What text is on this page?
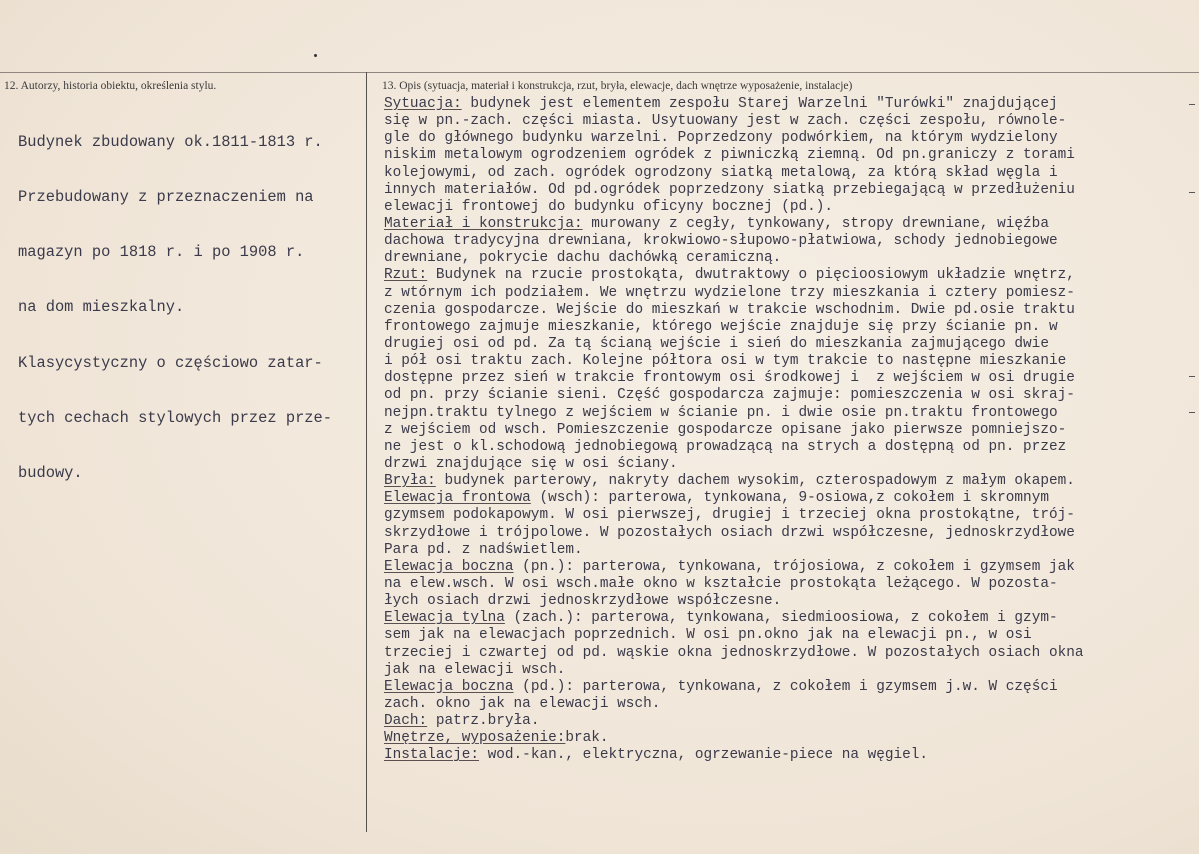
12. Autorzy, historia obiektu, określenia stylu.	13. Opis (sytuacja, materiał i konstrukcja, rzut, bryła, elewacje, dach wnętrze wyposażenie, instalacje)

Budynek zbudowany ok.1811-1813 r.

Przebudowany z przeznaczeniem na

magazyn po 1818 r. i po 1908 r.

na dom mieszkalny.

Klasycystyczny o częściowo zatar-

tych cechach stylowych przez prze-

budowy.

Sytuacja: budynek jest elementem zespołu Starej Warzelni "Turówki" znajdującej
się w pn.-zach. części miasta. Usytuowany jest w zach. części zespołu, równole-
gle do głównego budynku warzelni. Poprzedzony podwórkiem, na którym wydzielony
niskim metalowym ogrodzeniem ogródek z piwniczką ziemną. Od pn.graniczy z torami
kolejowymi, od zach. ogródek ogrodzony siatką metalową, za którą skład węgla i
innych materiałów. Od pd.ogródek poprzedzony siatką przebiegającą w przedłużeniu
elewacji frontowej do budynku oficyny bocznej (pd.).
Materiał i konstrukcja: murowany z cegły, tynkowany, stropy drewniane, więźba
dachowa tradycyjna drewniana, krokwiowo-słupowo-płatwiowa, schody jednobiegowe
drewniane, pokrycie dachu dachówką ceramiczną.
Rzut: Budynek na rzucie prostokąta, dwutraktowy o pięcioosiowym układzie wnętrz,
z wtórnym ich podziałem. We wnętrzu wydzielone trzy mieszkania i cztery pomiesz-
czenia gospodarcze. Wejście do mieszkań w trakcie wschodnim. Dwie pd.osie traktu
frontowego zajmuje mieszkanie, którego wejście znajduje się przy ścianie pn. w
drugiej osi od pd. Za tą ścianą wejście i sień do mieszkania zajmującego dwie
i pół osi traktu zach. Kolejne półtora osi w tym trakcie to następne mieszkanie
dostępne przez sień w trakcie frontowym osi środkowej i  z wejściem w osi drugie
od pn. przy ścianie sieni. Część gospodarcza zajmuje: pomieszczenia w osi skraj-
nejpn.traktu tylnego z wejściem w ścianie pn. i dwie osie pn.traktu frontowego
z wejściem od wsch. Pomieszczenie gospodarcze opisane jako pierwsze pomniejszo-
ne jest o kl.schodową jednobiegową prowadzącą na strych a dostępną od pn. przez
drzwi znajdujące się w osi ściany.
Bryła: budynek parterowy, nakryty dachem wysokim, czterospadowym z małym okapem.
Elewacja frontowa (wsch): parterowa, tynkowana, 9-osiowa,z cokołem i skromnym
gzymsem podokapowym. W osi pierwszej, drugiej i trzeciej okna prostokątne, trój-
skrzydłowe i trójpolowe. W pozostałych osiach drzwi współczesne, jednoskrzydłowe
Para pd. z nadświetlem.
Elewacja boczna (pn.): parterowa, tynkowana, trójosiowa, z cokołem i gzymsem jak
na elew.wsch. W osi wsch.małe okno w kształcie prostokąta leżącego. W pozosta-
łych osiach drzwi jednoskrzydłowe współczesne.
Elewacja tylna (zach.): parterowa, tynkowana, siedmioosiowa, z cokołem i gzym-
sem jak na elewacjach poprzednich. W osi pn.okno jak na elewacji pn., w osi
trzeciej i czwartej od pd. wąskie okna jednoskrzydłowe. W pozostałych osiach okna
jak na elewacji wsch.
Elewacja boczna (pd.): parterowa, tynkowana, z cokołem i gzymsem j.w. W części
zach. okno jak na elewacji wsch.
Dach: patrz.bryła.
Wnętrze, wyposażenie:brak.
Instalacje: wod.-kan., elektryczna, ogrzewanie-piece na węgiel.
